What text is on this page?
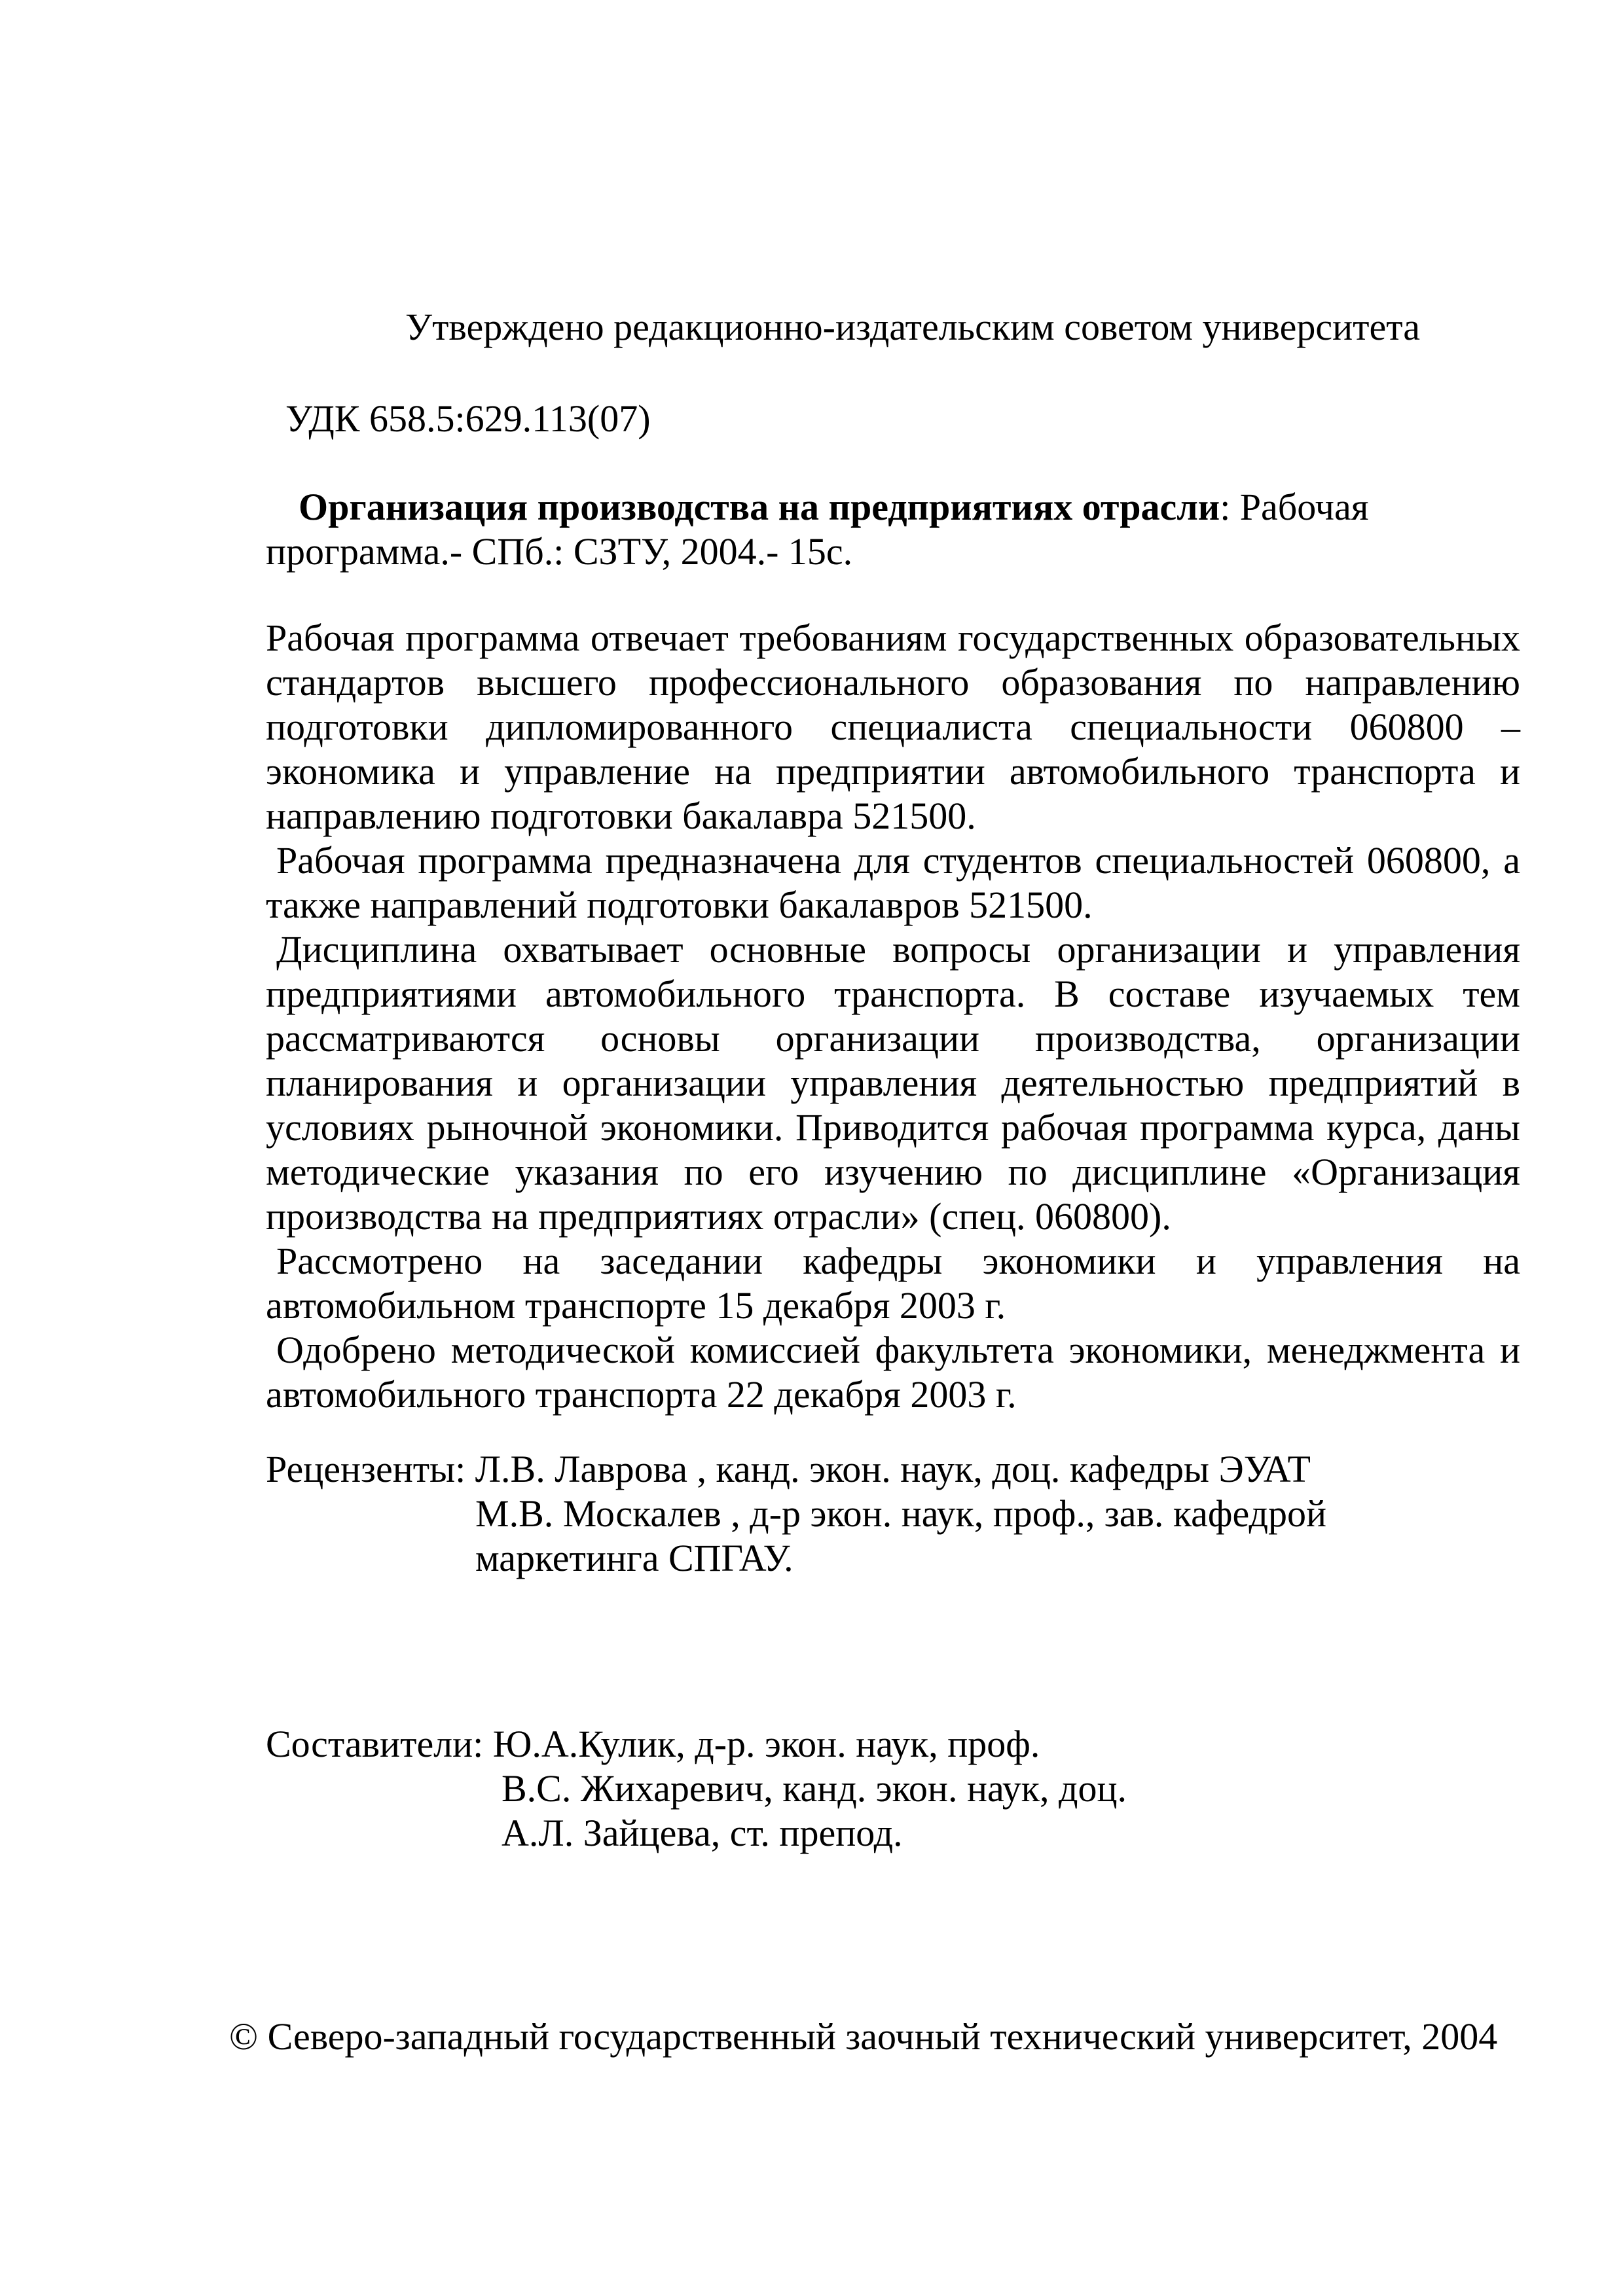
Утверждено редакционно-издательским советом университета

УДК 658.5:629.113(07)

Организация производства на предприятиях отрасли: Рабочая программа.- СПб.: СЗТУ, 2004.- 15с.

Рабочая программа отвечает требованиям государственных образовательных стандартов высшего профессионального образования по направлению подготовки дипломированного специалиста специальности 060800 – экономика и управление на предприятии автомобильного транспорта и направлению подготовки бакалавра 521500.

Рабочая программа предназначена для студентов специальностей 060800, а также направлений подготовки бакалавров 521500.

Дисциплина охватывает основные вопросы организации и управления предприятиями автомобильного транспорта. В составе изучаемых тем рассматриваются основы организации производства, организации планирования и организации управления деятельностью предприятий в условиях рыночной экономики. Приводится рабочая программа курса, даны методические указания по его изучению по дисциплине «Организация производства на предприятиях отрасли» (спец. 060800).

Рассмотрено на заседании кафедры экономики и управления на автомобильном транспорте 15 декабря 2003 г.

Одобрено методической комиссией факультета экономики, менеджмента и автомобильного транспорта 22 декабря 2003 г.

Рецензенты: Л.В. Лаврова , канд. экон. наук, доц. кафедры ЭУАТ

М.В. Москалев , д-р экон. наук, проф., зав. кафедрой

маркетинга СПГАУ.

Составители: Ю.А.Кулик, д-р. экон. наук, проф.

В.С. Жихаревич, канд. экон. наук, доц.

А.Л. Зайцева, ст. препод.

© Северо-западный государственный заочный технический университет, 2004
